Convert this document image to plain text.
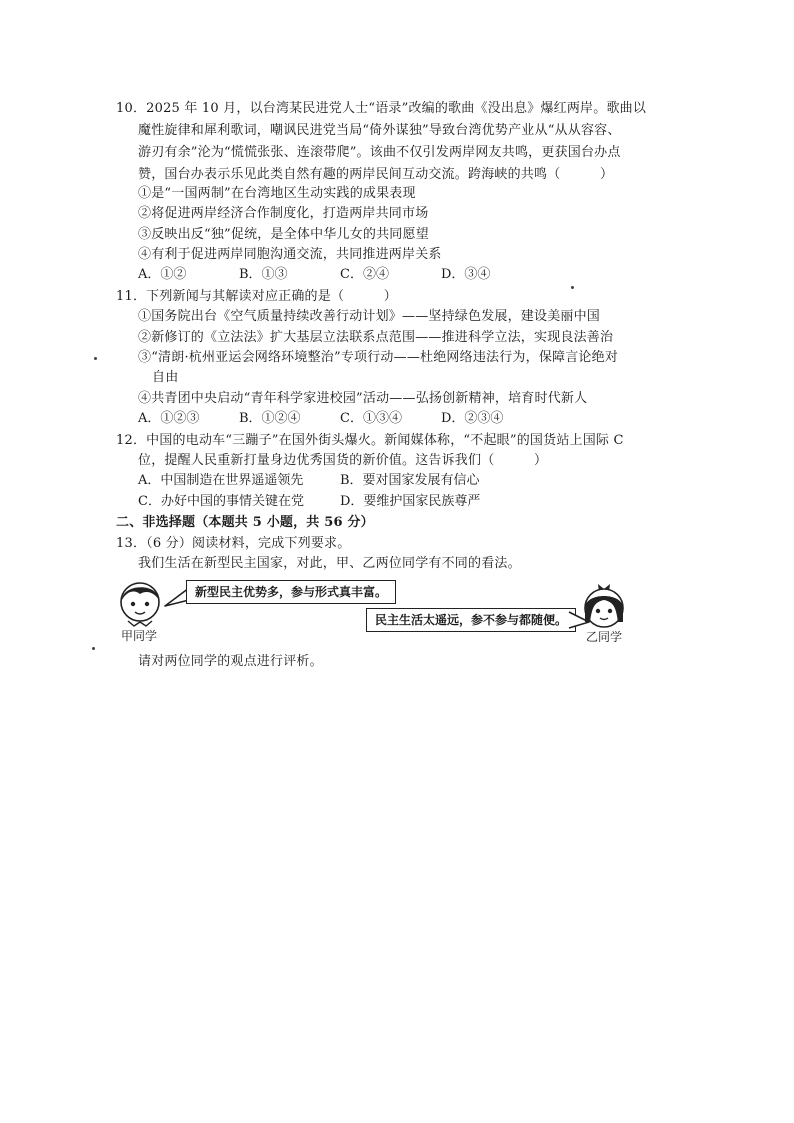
10．2025 年 10 月，以台湾某民进党人士“语录”改编的歌曲《没出息》爆红两岸。歌曲以
魔性旋律和犀利歌词，嘲讽民进党当局“倚外谋独”导致台湾优势产业从“从从容容、
游刃有余”沦为“慌慌张张、连滚带爬”。该曲不仅引发两岸网友共鸣，更获国台办点
赞，国台办表示乐见此类自然有趣的两岸民间互动交流。跨海峡的共鸣（　　　）
①是“一国两制”在台湾地区生动实践的成果表现
②将促进两岸经济合作制度化，打造两岸共同市场
③反映出反“独”促统，是全体中华儿女的共同愿望
④有利于促进两岸同胞沟通交流，共同推进两岸关系
A．①②	B．①③	C．②④	D．③④
11．下列新闻与其解读对应正确的是（　　　）
①国务院出台《空气质量持续改善行动计划》——坚持绿色发展，建设美丽中国
②新修订的《立法法》扩大基层立法联系点范围——推进科学立法，实现良法善治
③“清朗·杭州亚运会网络环境整治”专项行动——杜绝网络违法行为，保障言论绝对
自由
④共青团中央启动“青年科学家进校园”活动——弘扬创新精神，培育时代新人
A．①②③	B．①②④	C．①③④	D．②③④
12．中国的电动车“三蹦子”在国外街头爆火。新闻媒体称，“不起眼”的国货站上国际 C
位，提醒人民重新打量身边优秀国货的新价值。这告诉我们（　　　）
A．中国制造在世界遥遥领先	B．要对国家发展有信心
C．办好中国的事情关键在党	D．要维护国家民族尊严
二、非选择题（本题共 5 小题，共 56 分）
13．（6 分）阅读材料，完成下列要求。
我们生活在新型民主国家，对此，甲、乙两位同学有不同的看法。
甲同学
新型民主优势多，参与形式真丰富。
民主生活太遥远，参不参与都随便。
乙同学
请对两位同学的观点进行评析。
